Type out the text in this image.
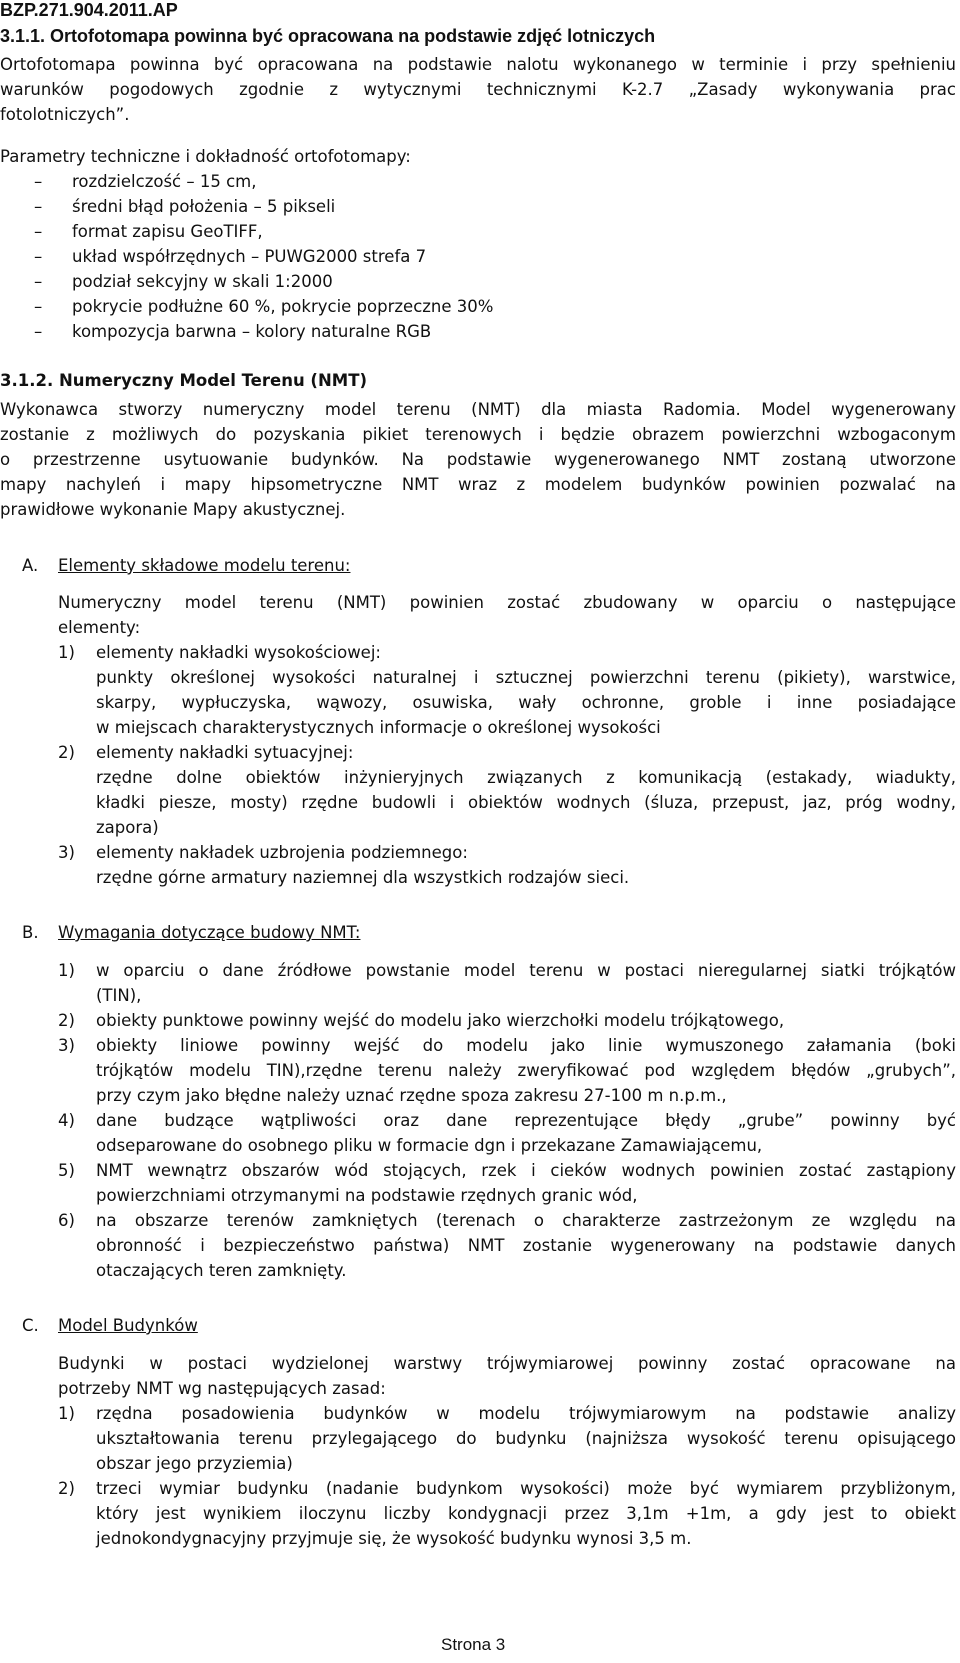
BZP.271.904.2011.AP
3.1.1. Ortofotomapa powinna być opracowana na podstawie zdjęć lotniczych
Ortofotomapa powinna być opracowana na podstawie nalotu wykonanego w terminie i przy spełnieniu
warunków pogodowych zgodnie z wytycznymi technicznymi K-2.7 „Zasady wykonywania prac
fotolotniczych”.
Parametry techniczne i dokładność ortofotomapy:
– rozdzielczość – 15 cm,
– średni błąd położenia – 5 pikseli
– format zapisu GeoTIFF,
– układ współrzędnych – PUWG2000 strefa 7
– podział sekcyjny w skali 1:2000
– pokrycie podłużne 60 %, pokrycie poprzeczne 30%
– kompozycja barwna – kolory naturalne RGB
3.1.2. Numeryczny Model Terenu (NMT)
Wykonawca stworzy numeryczny model terenu (NMT) dla miasta Radomia. Model wygenerowany
zostanie z możliwych do pozyskania pikiet terenowych i będzie obrazem powierzchni wzbogaconym
o przestrzenne usytuowanie budynków. Na podstawie wygenerowanego NMT zostaną utworzone
mapy nachyleń i mapy hipsometryczne NMT wraz z modelem budynków powinien pozwalać na
prawidłowe wykonanie Mapy akustycznej.
A. Elementy składowe modelu terenu:
Numeryczny model terenu (NMT) powinien zostać zbudowany w oparciu o następujące
elementy:
1) elementy nakładki wysokościowej:
punkty określonej wysokości naturalnej i sztucznej powierzchni terenu (pikiety), warstwice,
skarpy, wypłuczyska, wąwozy, osuwiska, wały ochronne, groble i inne posiadające
w miejscach charakterystycznych informacje o określonej wysokości
2) elementy nakładki sytuacyjnej:
rzędne dolne obiektów inżynieryjnych związanych z komunikacją (estakady, wiadukty,
kładki piesze, mosty) rzędne budowli i obiektów wodnych (śluza, przepust, jaz, próg wodny,
zapora)
3) elementy nakładek uzbrojenia podziemnego:
rzędne górne armatury naziemnej dla wszystkich rodzajów sieci.
B. Wymagania dotyczące budowy NMT:
1) w oparciu o dane źródłowe powstanie model terenu w postaci nieregularnej siatki trójkątów
(TIN),
2) obiekty punktowe powinny wejść do modelu jako wierzchołki modelu trójkątowego,
3) obiekty liniowe powinny wejść do modelu jako linie wymuszonego załamania (boki
trójkątów modelu TIN),rzędne terenu należy zweryfikować pod względem błędów „grubych”,
przy czym jako błędne należy uznać rzędne spoza zakresu 27-100 m n.p.m.,
4) dane budzące wątpliwości oraz dane reprezentujące błędy „grube” powinny być
odseparowane do osobnego pliku w formacie dgn i przekazane Zamawiającemu,
5) NMT wewnątrz obszarów wód stojących, rzek i cieków wodnych powinien zostać zastąpiony
powierzchniami otrzymanymi na podstawie rzędnych granic wód,
6) na obszarze terenów zamkniętych (terenach o charakterze zastrzeżonym ze względu na
obronność i bezpieczeństwo państwa) NMT zostanie wygenerowany na podstawie danych
otaczających teren zamknięty.
C. Model Budynków
Budynki w postaci wydzielonej warstwy trójwymiarowej powinny zostać opracowane na
potrzeby NMT wg następujących zasad:
1) rzędna posadowienia budynków w modelu trójwymiarowym na podstawie analizy
ukształtowania terenu przylegającego do budynku (najniższa wysokość terenu opisującego
obszar jego przyziemia)
2) trzeci wymiar budynku (nadanie budynkom wysokości) może być wymiarem przybliżonym,
który jest wynikiem iloczynu liczby kondygnacji przez 3,1m +1m, a gdy jest to obiekt
jednokondygnacyjny przyjmuje się, że wysokość budynku wynosi 3,5 m.
Strona 3
